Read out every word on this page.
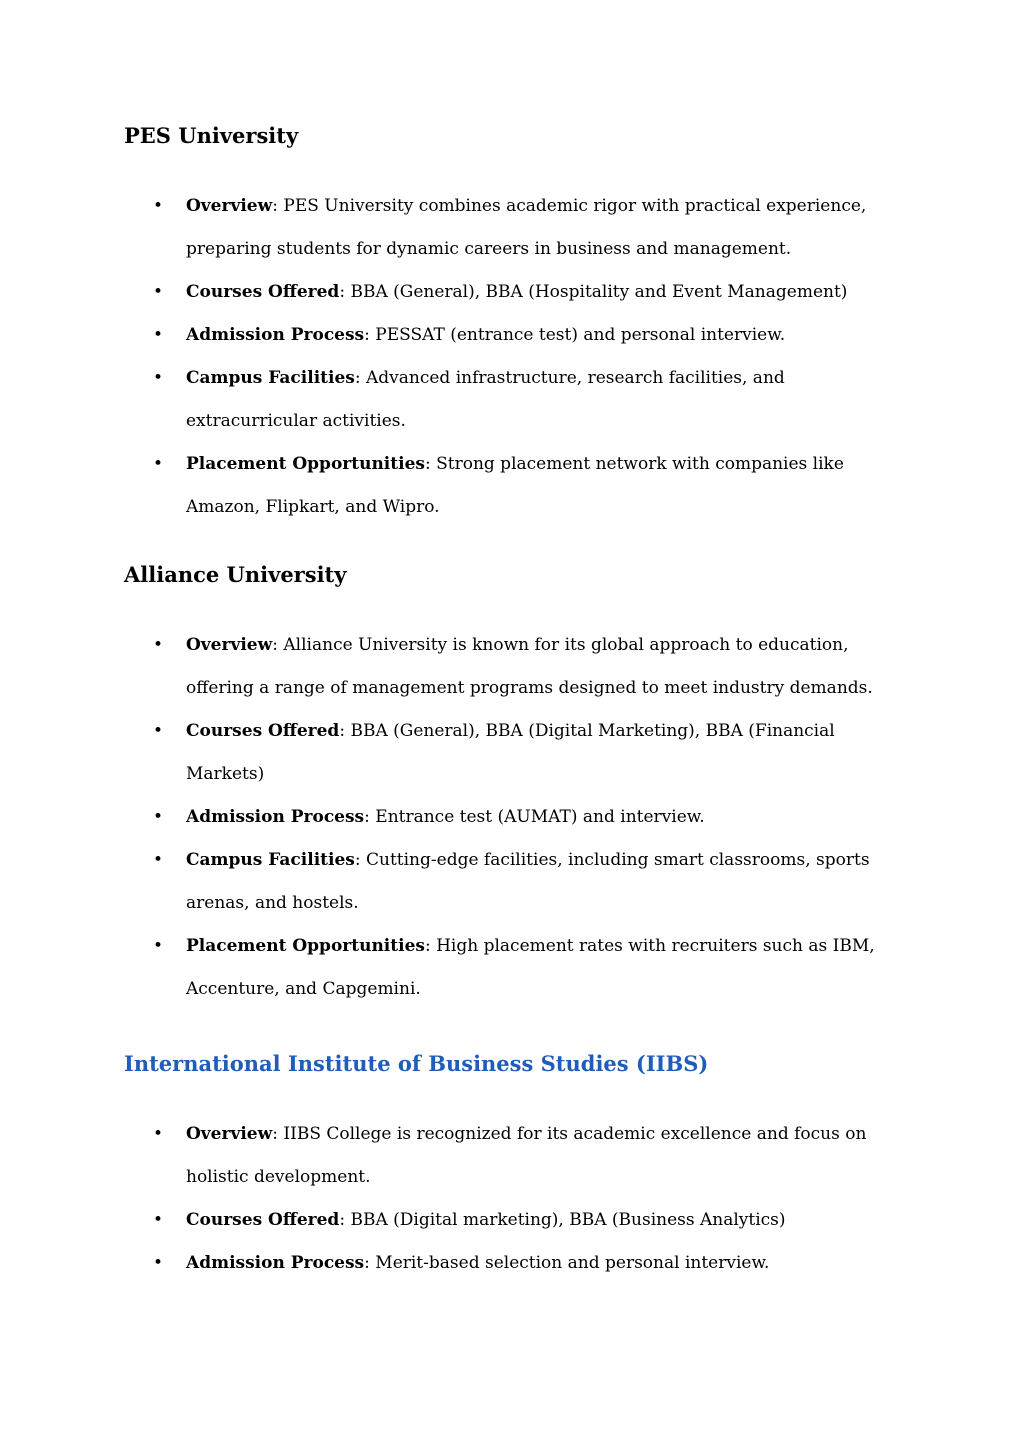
PES University
• Overview: PES University combines academic rigor with practical experience, preparing students for dynamic careers in business and management.
• Courses Offered: BBA (General), BBA (Hospitality and Event Management)
• Admission Process: PESSAT (entrance test) and personal interview.
• Campus Facilities: Advanced infrastructure, research facilities, and extracurricular activities.
• Placement Opportunities: Strong placement network with companies like Amazon, Flipkart, and Wipro.
Alliance University
• Overview: Alliance University is known for its global approach to education, offering a range of management programs designed to meet industry demands.
• Courses Offered: BBA (General), BBA (Digital Marketing), BBA (Financial Markets)
• Admission Process: Entrance test (AUMAT) and interview.
• Campus Facilities: Cutting-edge facilities, including smart classrooms, sports arenas, and hostels.
• Placement Opportunities: High placement rates with recruiters such as IBM, Accenture, and Capgemini.
International Institute of Business Studies (IIBS)
• Overview: IIBS College is recognized for its academic excellence and focus on holistic development.
• Courses Offered: BBA (Digital marketing), BBA (Business Analytics)
• Admission Process: Merit-based selection and personal interview.
